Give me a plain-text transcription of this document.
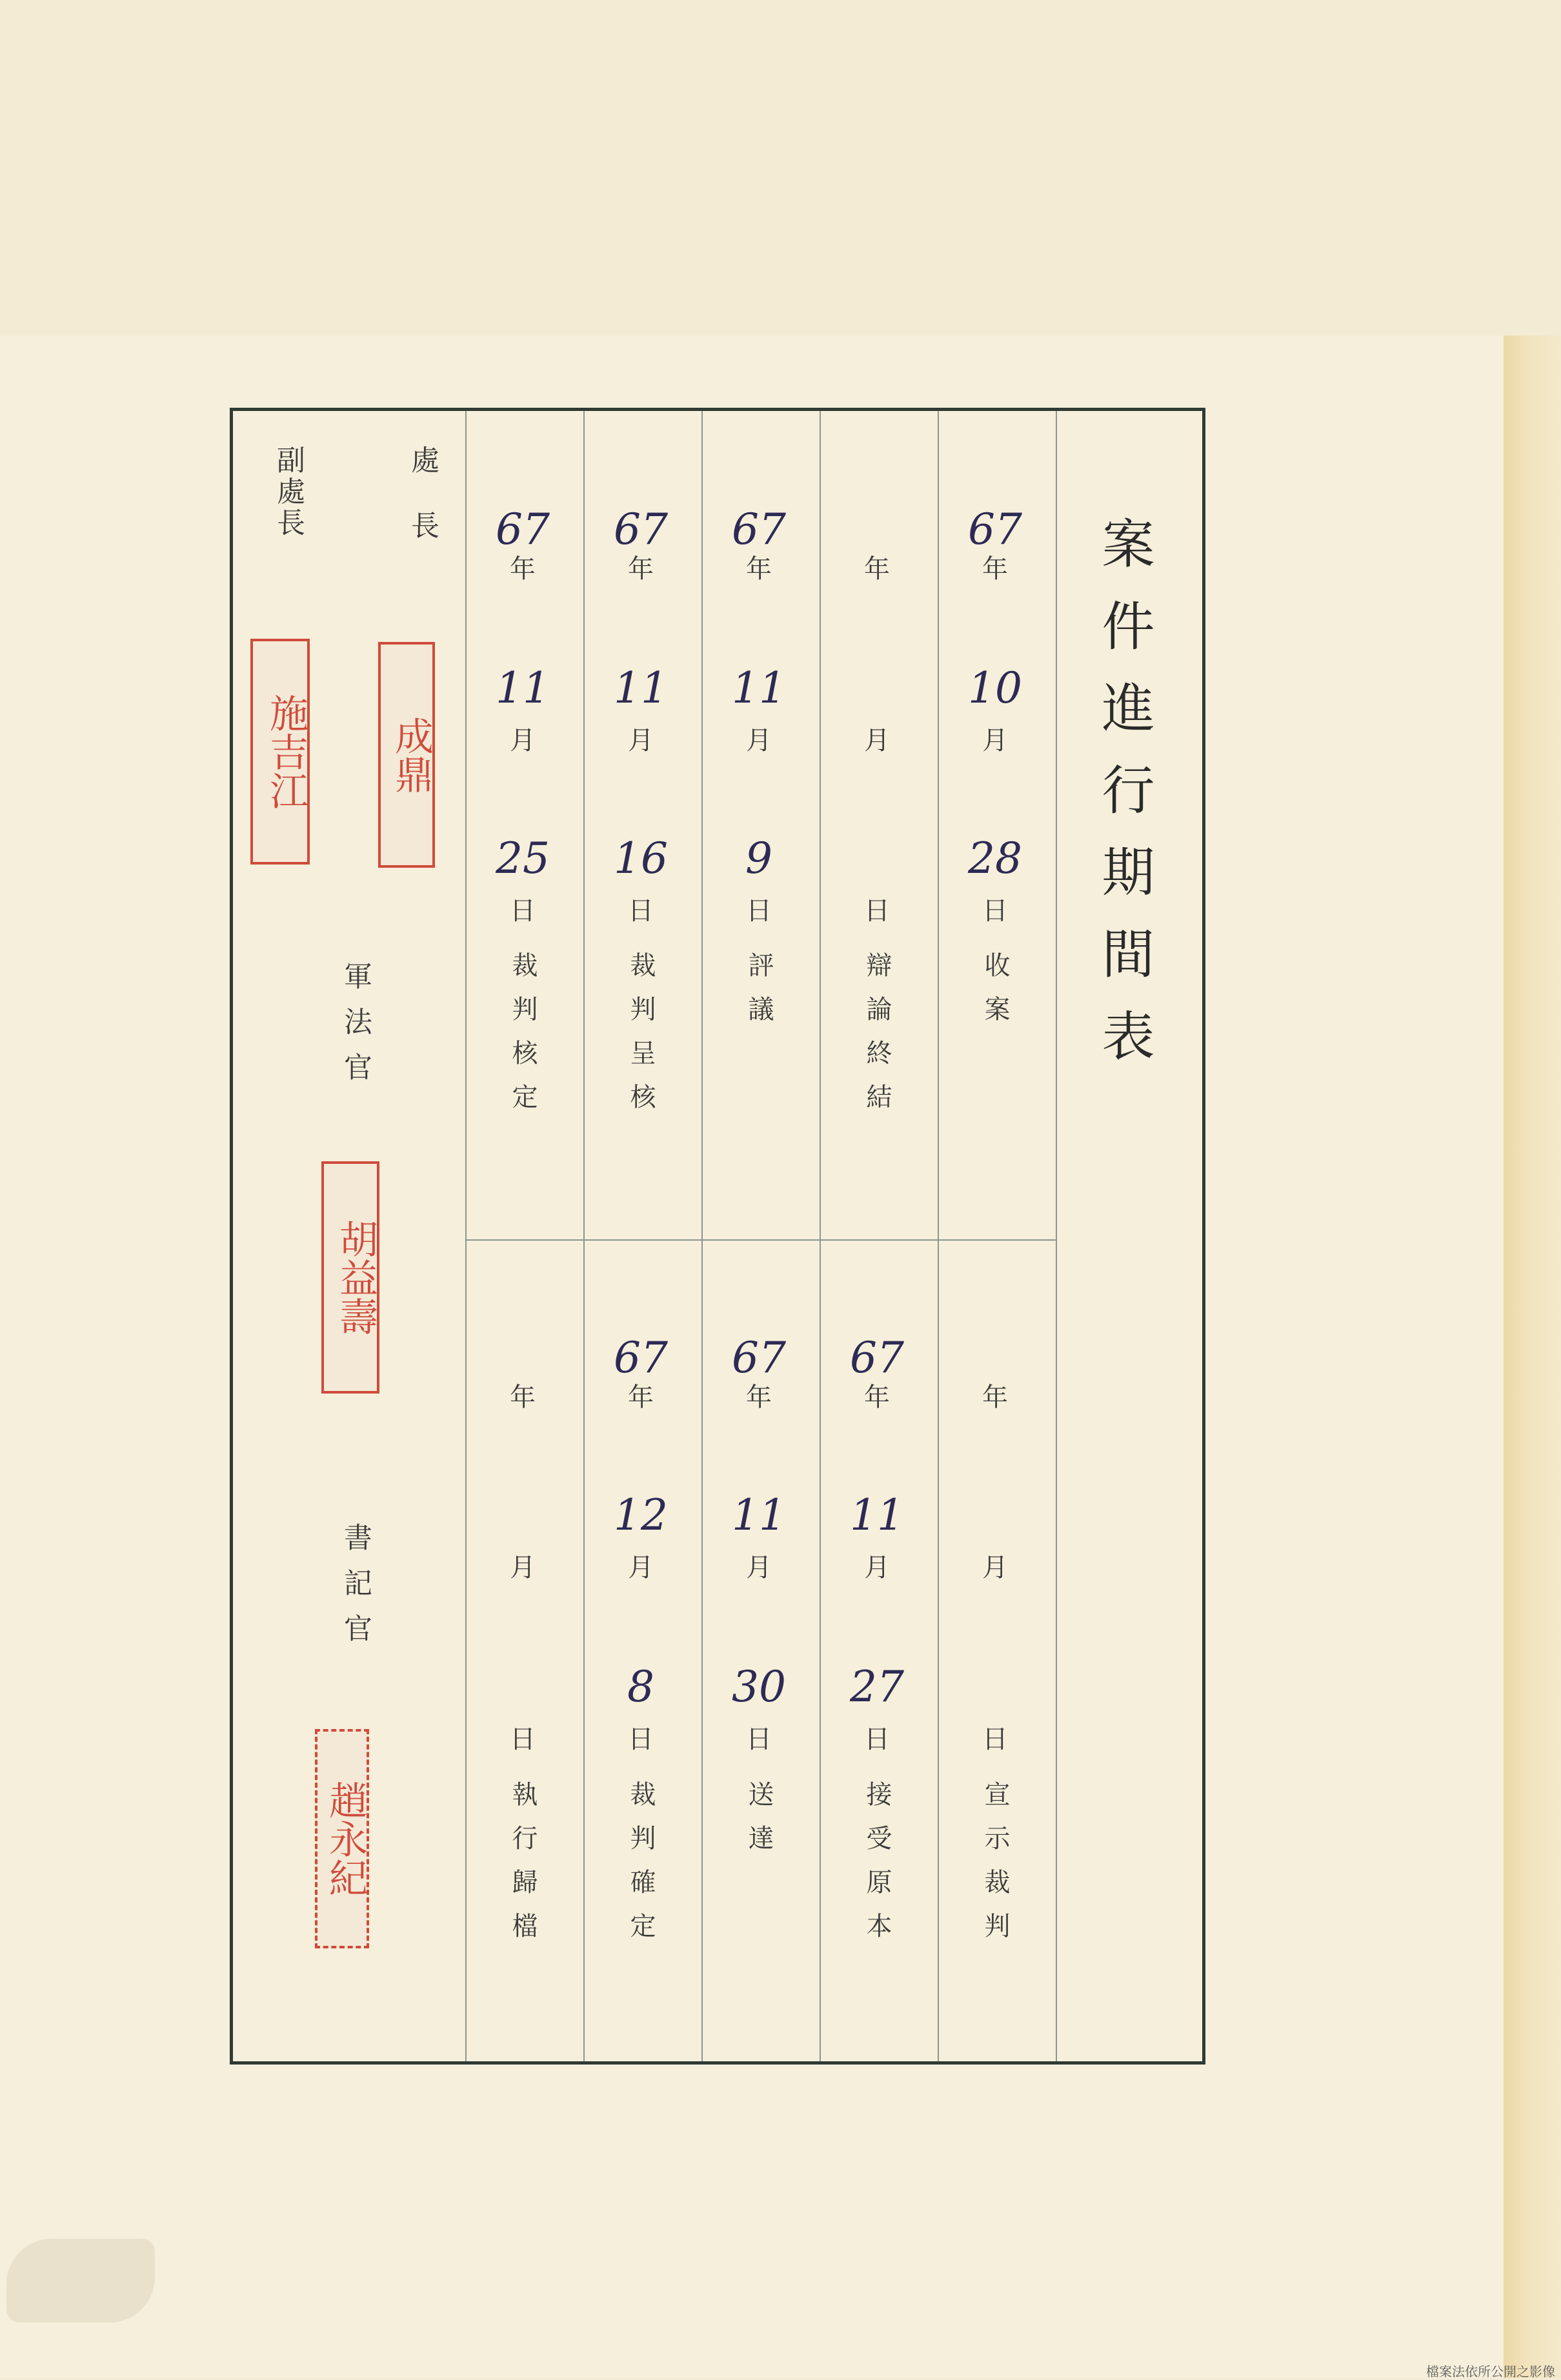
案件進行期間表
副處長	處長
軍法官
書記官
施吉江 成鼎
胡益壽
趙永紀
檔案法依所公開之影像
67
年
11
月
25
日
裁判核定
67
年
11
月
16
日
裁判呈核
67
年
11
月
9
日
評議
年
月
日
辯論終結
67
年
10
月
28
日
收案
年
月
日
執行歸檔
67
年
12
月
8
日
裁判確定
67
年
11
月
30
日
送達
67
年
11
月
27
日
接受原本
年
月
日
宣示裁判
